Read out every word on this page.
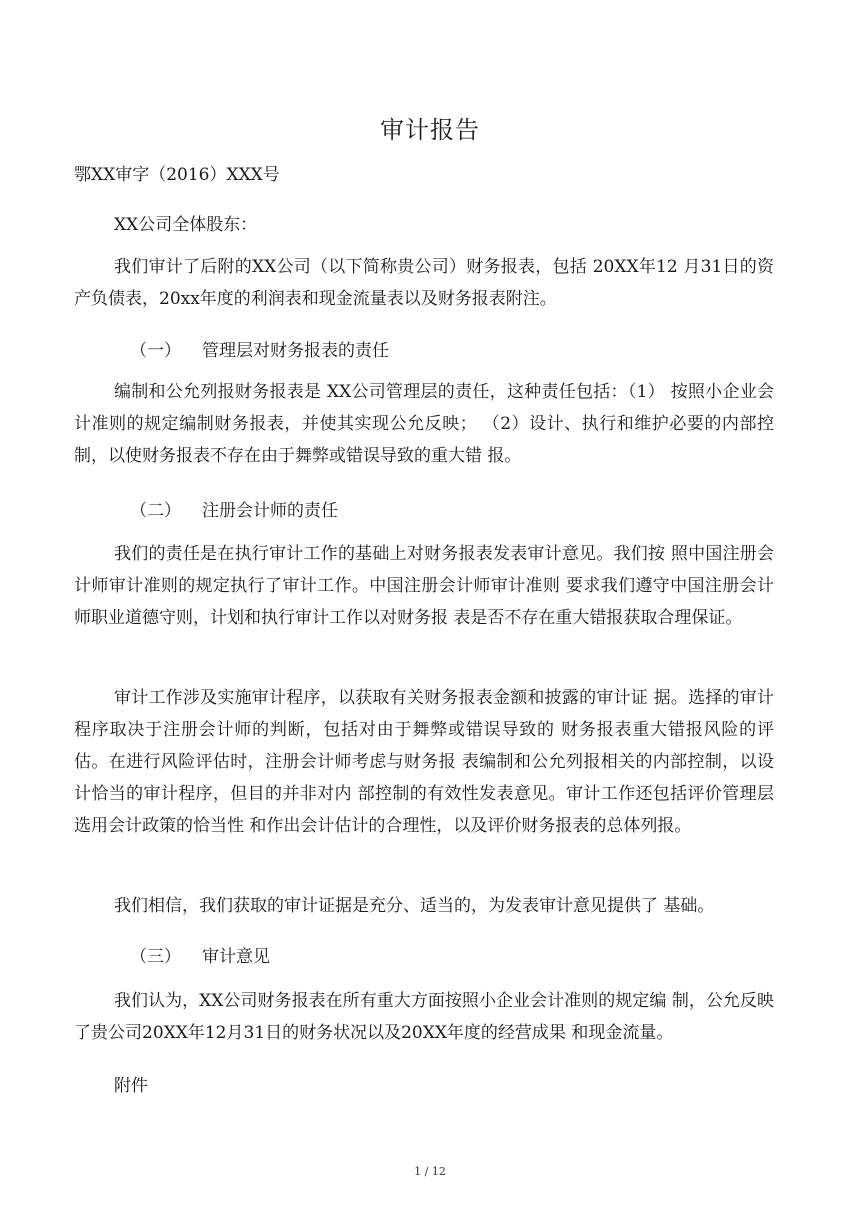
审计报告
鄂XX审字（2016）XXX号
XX公司全体股东：
我们审计了后附的XX公司（以下简称贵公司）财务报表，包括 20XX年12 月31日的资产负债表，20xx年度的利润表和现金流量表以及财务报表附注。
（一） 管理层对财务报表的责任
编制和公允列报财务报表是 XX公司管理层的责任，这种责任包括：（1） 按照小企业会计准则的规定编制财务报表，并使其实现公允反映； （2）设计、执行和维护必要的内部控制，以使财务报表不存在由于舞弊或错误导致的重大错 报。
（二） 注册会计师的责任
我们的责任是在执行审计工作的基础上对财务报表发表审计意见。我们按 照中国注册会计师审计准则的规定执行了审计工作。中国注册会计师审计准则 要求我们遵守中国注册会计师职业道德守则，计划和执行审计工作以对财务报 表是否不存在重大错报获取合理保证。
审计工作涉及实施审计程序，以获取有关财务报表金额和披露的审计证 据。选择的审计程序取决于注册会计师的判断，包括对由于舞弊或错误导致的 财务报表重大错报风险的评估。在进行风险评估时，注册会计师考虑与财务报 表编制和公允列报相关的内部控制，以设计恰当的审计程序，但目的并非对内 部控制的有效性发表意见。审计工作还包括评价管理层选用会计政策的恰当性 和作出会计估计的合理性，以及评价财务报表的总体列报。
我们相信，我们获取的审计证据是充分、适当的，为发表审计意见提供了 基础。
（三） 审计意见
我们认为，XX公司财务报表在所有重大方面按照小企业会计准则的规定编 制，公允反映了贵公司20XX年12月31日的财务状况以及20XX年度的经营成果 和现金流量。
附件
1 / 12
